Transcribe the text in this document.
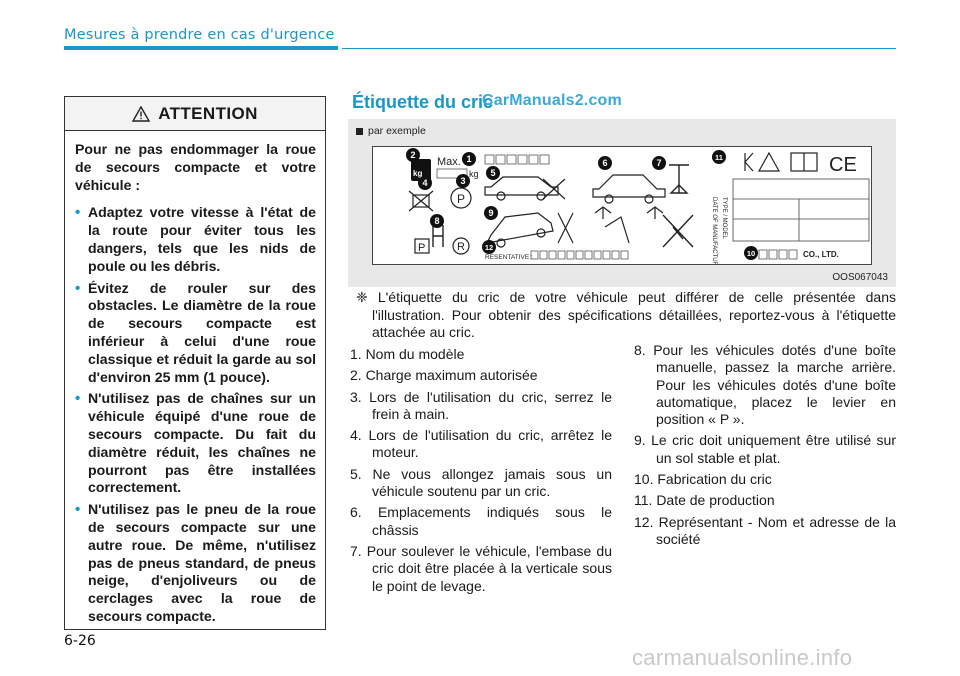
Mesures à prendre en cas d'urgence
ATTENTION

Pour ne pas endommager la roue de secours compacte et votre véhicule :

• Adaptez votre vitesse à l'état de la route pour éviter tous les dangers, tels que les nids de poule ou les débris.
• Évitez de rouler sur des obstacles. Le diamètre de la roue de secours compacte est inférieur à celui d'une roue classique et réduit la garde au sol d'environ 25 mm (1 pouce).
• N'utilisez pas de chaînes sur un véhicule équipé d'une roue de secours compacte. Du fait du diamètre réduit, les chaînes ne pourront pas être installées correctement.
• N'utilisez pas le pneu de la roue de secours compacte sur une autre roue. De même, n'utilisez pas de pneus standard, de pneus neige, d'enjoliveurs ou de cerclages avec la roue de secours compacte.
Étiquette du cric
CarManuals2.com
par exemple
kg
Max.
kg
P
P	R
RESENTATIVE :	DATE OF MANUFACTURE TYPE / MODEL
CE
CO., LTD.
1
2
3
4
5
6	7
8
9
10
11
12
OOS067043
❈ L'étiquette du cric de votre véhicule peut différer de celle présentée dans l'illustration. Pour obtenir des spécifications détaillées, reportez-vous à l'étiquette attachée au cric.
1. Nom du modèle
2. Charge maximum autorisée
3. Lors de l'utilisation du cric, serrez le frein à main.
4. Lors de l'utilisation du cric, arrêtez le moteur.
5. Ne vous allongez jamais sous un véhicule soutenu par un cric.
6. Emplacements indiqués sous le châssis
7. Pour soulever le véhicule, l'embase du cric doit être placée à la verticale sous le point de levage.
8. Pour les véhicules dotés d'une boîte manuelle, passez la marche arrière. Pour les véhicules dotés d'une boîte automatique, placez le levier en position « P ».
9. Le cric doit uniquement être utilisé sur un sol stable et plat.
10. Fabrication du cric
11. Date de production
12. Représentant - Nom et adresse de la société
6-26
carmanualsonline.info
